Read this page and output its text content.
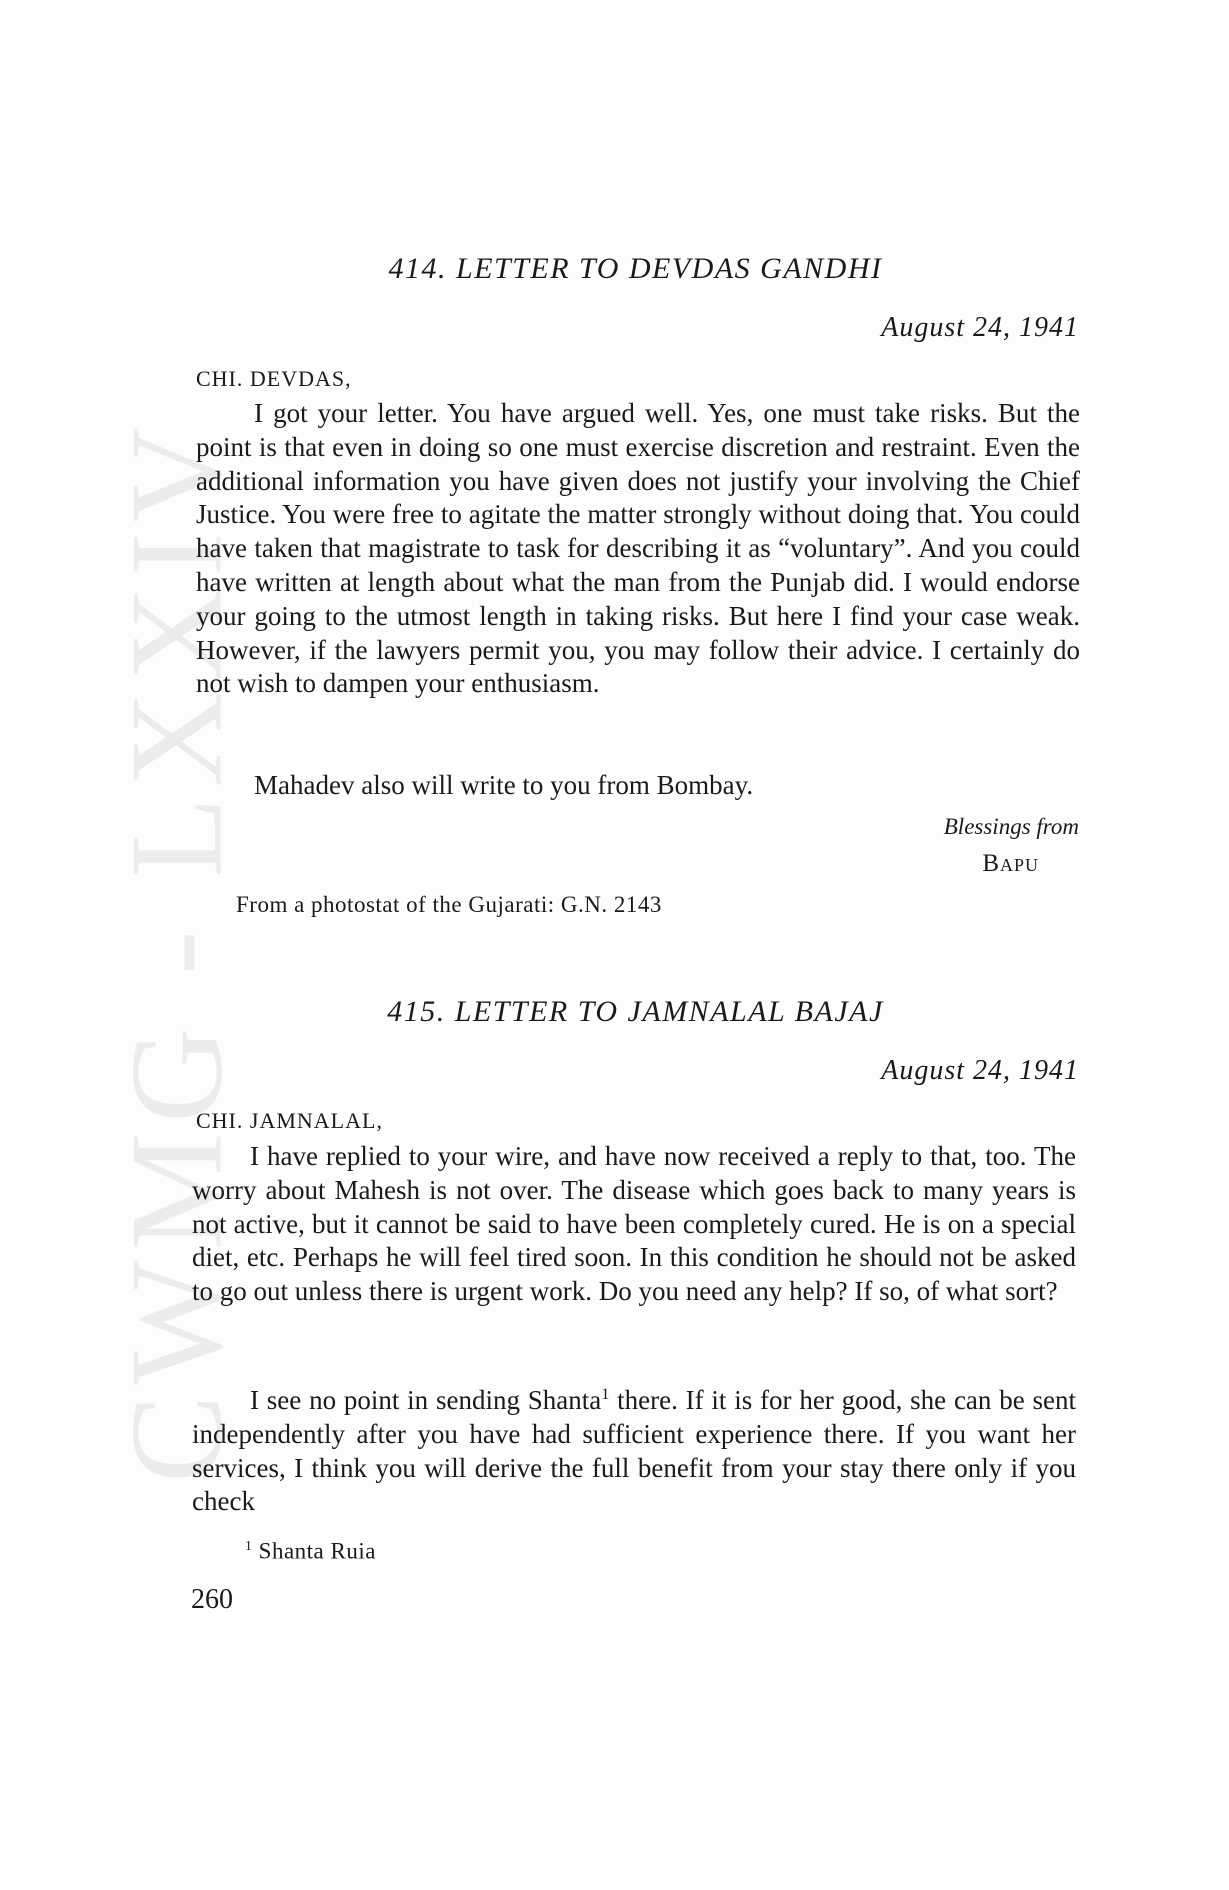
CWMG - LXXIV
414. LETTER TO DEVDAS GANDHI
August 24, 1941
CHI. DEVDAS,

I got your letter. You have argued well. Yes, one must take risks. But the point is that even in doing so one must exercise discretion and restraint. Even the additional information you have given does not justify your involving the Chief Justice. You were free to agitate the matter strongly without doing that. You could have taken that magistrate to task for describing it as “voluntary”. And you could have written at length about what the man from the Punjab did. I would endorse your going to the utmost length in taking risks. But here I find your case weak. However, if the lawyers permit you, you may follow their advice. I certainly do not wish to dampen your enthusiasm.

Mahadev also will write to you from Bombay.

Blessings from
Bapu
From a photostat of the Gujarati: G.N. 2143
415. LETTER TO JAMNALAL BAJAJ
August 24, 1941
CHI. JAMNALAL,

I have replied to your wire, and have now received a reply to that, too. The worry about Mahesh is not over. The disease which goes back to many years is not active, but it cannot be said to have been completely cured. He is on a special diet, etc. Perhaps he will feel tired soon. In this condition he should not be asked to go out unless there is urgent work. Do you need any help? If so, of what sort?

I see no point in sending Shanta$^1$ there. If it is for her good, she can be sent independently after you have had sufficient experience there. If you want her services, I think you will derive the full benefit from your stay there only if you check

$^1$ Shanta Ruia
260
